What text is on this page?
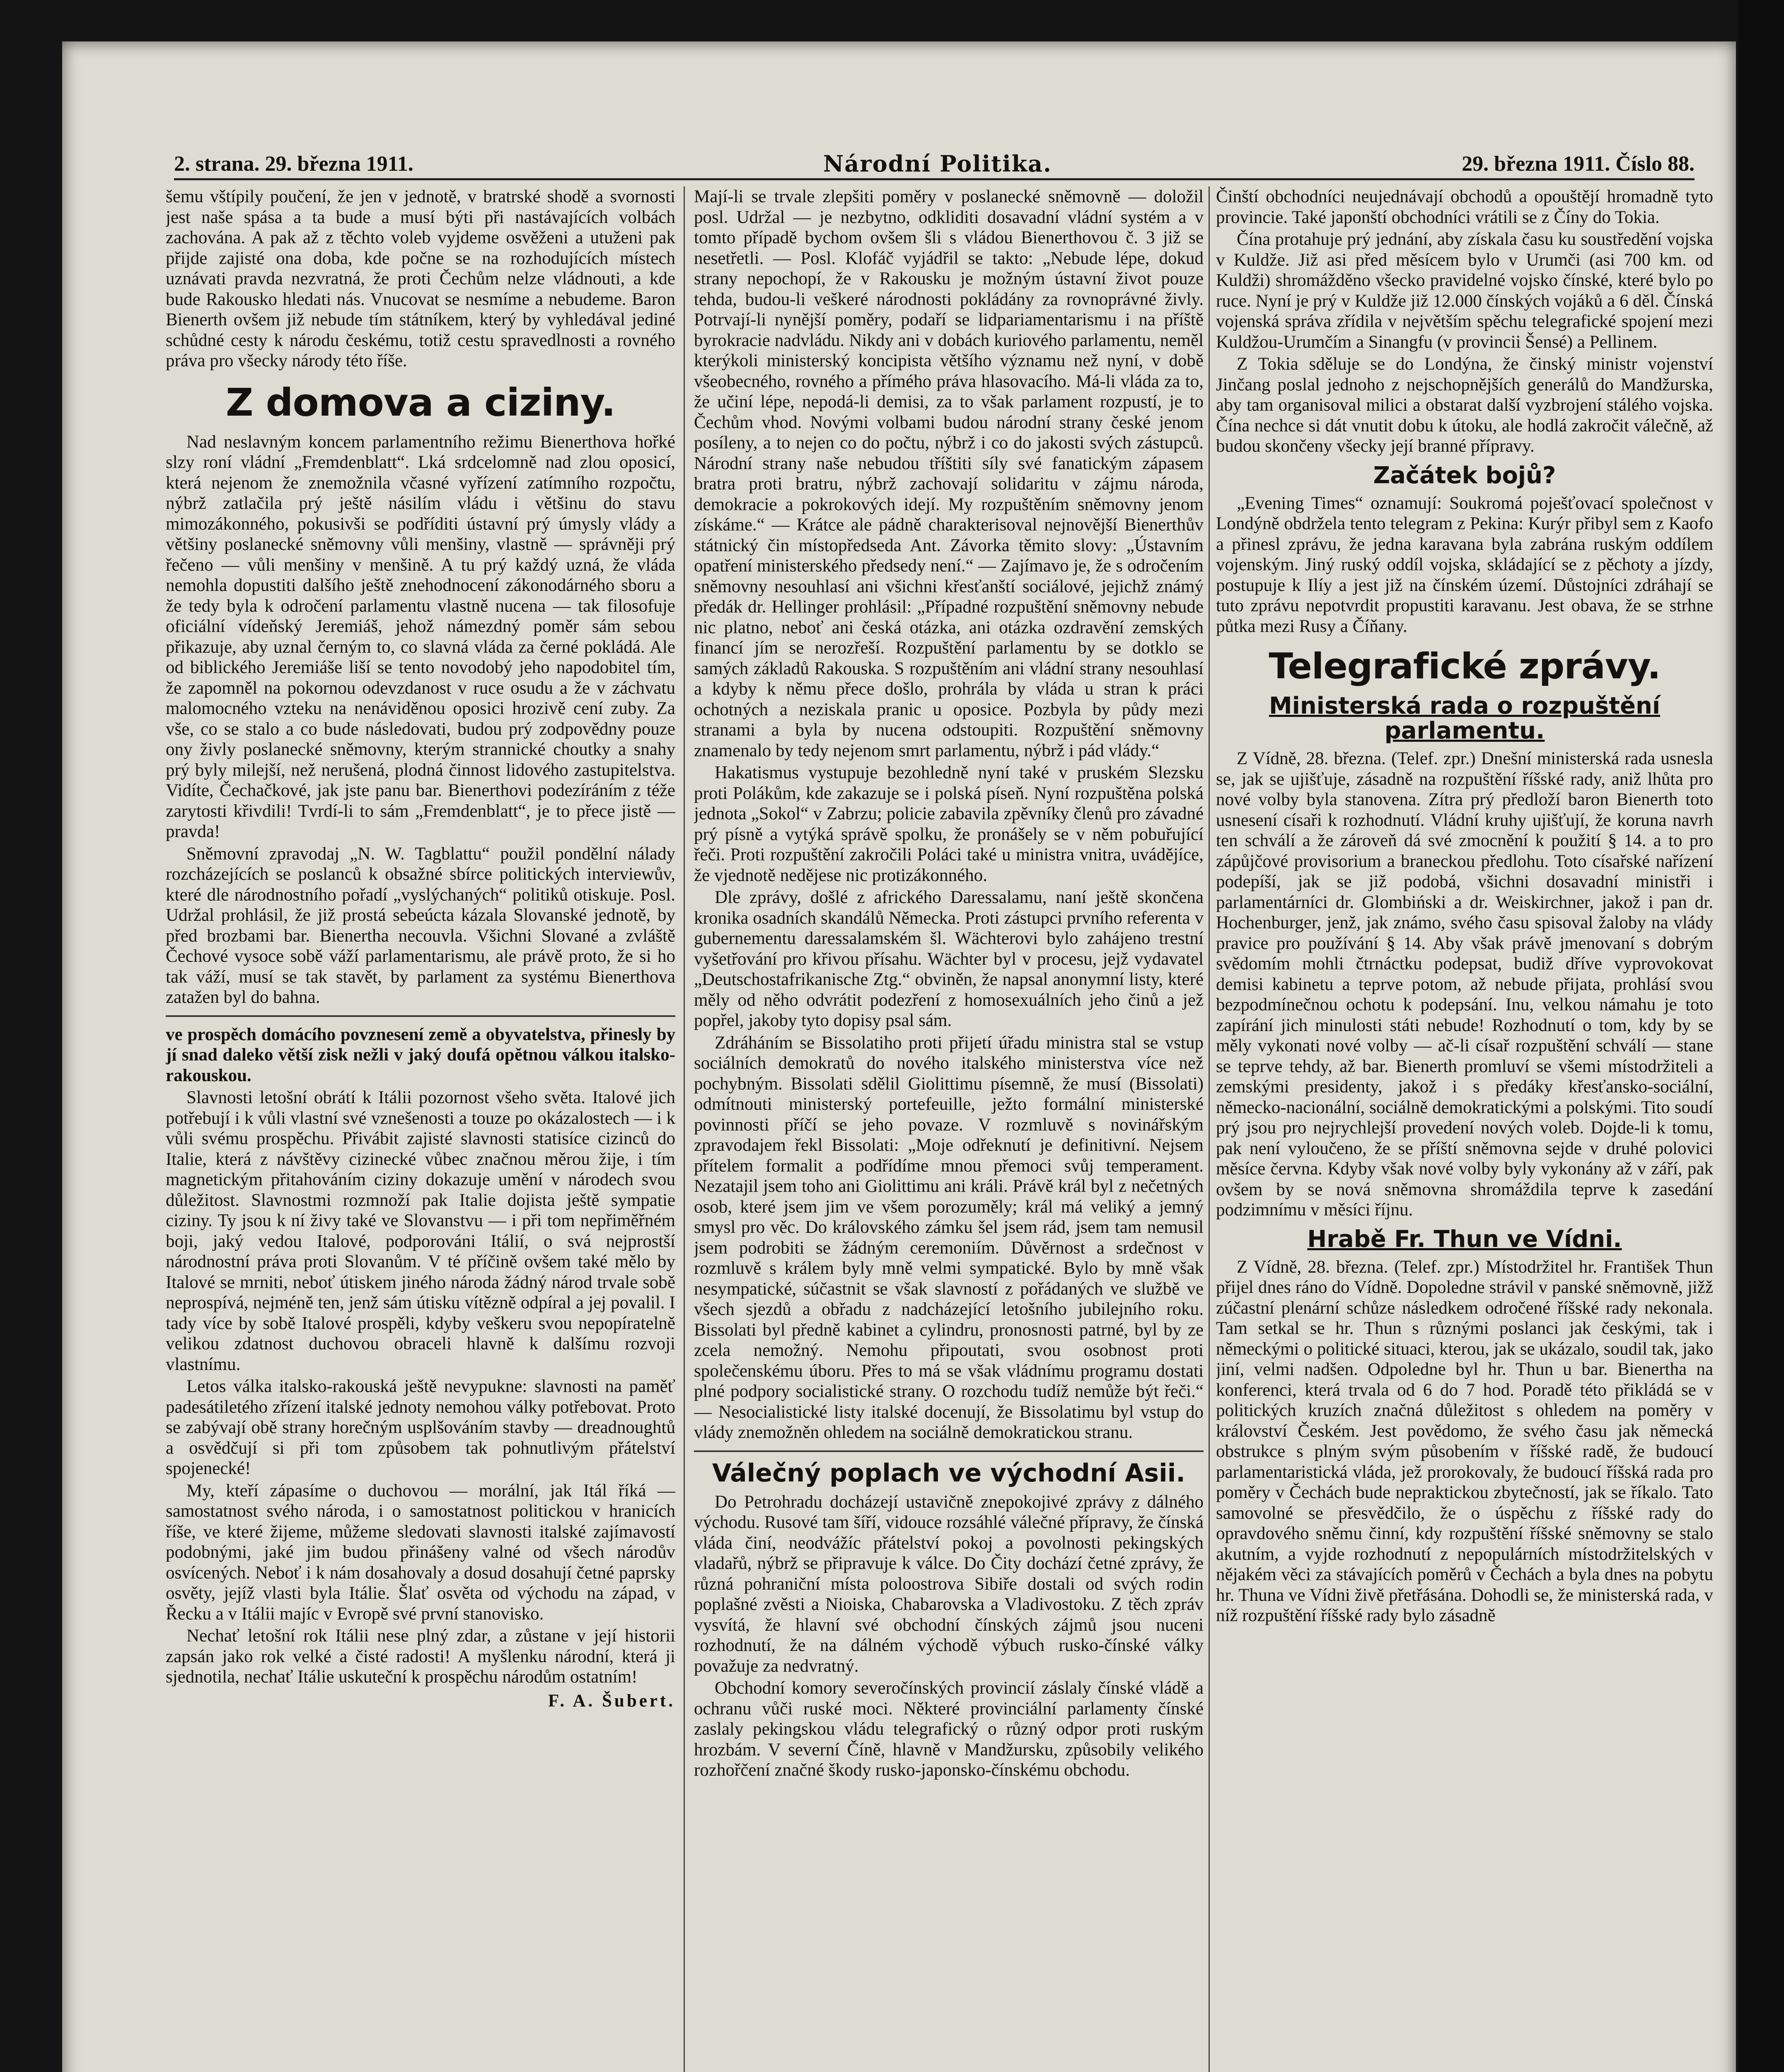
2. strana. 29. března 1911.	Národní Politika.	29. března 1911. Číslo 88.

šemu vštípily poučení, že jen v jednotě, v bratrské shodě a svornosti jest naše spása a ta bude a musí býti při nastávajících volbách zachována. A pak až z těchto voleb vyjdeme osvěženi a utuženi pak přijde zajisté ona doba, kde počne se na rozhodujících místech uznávati pravda nezvratná, že proti Čechům nelze vládnouti, a kde bude Rakousko hledati nás. Vnucovat se nesmíme a nebudeme. Baron Bienerth ovšem již nebude tím státníkem, který by vyhledával jediné schůdné cesty k národu českému, totiž cestu spravedlnosti a rovného práva pro všecky národy této říše.

Z domova a ciziny.

Nad neslavným koncem parlamentního režimu Bienerthova hořké slzy roní vládní „Fremdenblatt“. Lká srdcelomně nad zlou oposicí, která nejenom že znemožnila včasné vyřízení zatímního rozpočtu, nýbrž zatlačila prý ještě násilím vládu i většinu do stavu mimozákonného, pokusivši se podříditi ústavní prý úmysly vlády a většiny poslanecké sněmovny vůli menšiny, vlastně — správněji prý řečeno — vůli menšiny v menšině. A tu prý každý uzná, že vláda nemohla dopustiti dalšího ještě znehodnocení zákonodárného sboru a že tedy byla k odročení parlamentu vlastně nucena — tak filosofuje oficiální vídeňský Jeremiáš, jehož námezdný poměr sám sebou přikazuje, aby uznal černým to, co slavná vláda za černé pokládá. Ale od biblického Jeremiáše liší se tento novodobý jeho napodobitel tím, že zapomněl na pokornou odevzdanost v ruce osudu a že v záchvatu malomocného vzteku na nenáviděnou oposici hrozivě cení zuby. Za vše, co se stalo a co bude následovati, budou prý zodpovědny pouze ony živly poslanecké sněmovny, kterým strannické choutky a snahy prý byly milejší, než nerušená, plodná činnost lidového zastupitelstva. Vidíte, Čechačkové, jak jste panu bar. Bienerthovi podezíráním z téže zarytosti křivdili! Tvrdí-li to sám „Fremdenblatt“, je to přece jistě — pravda!

Sněmovní zpravodaj „N. W. Tagblattu“ použil pondělní nálady rozcházejících se poslanců k obsažné sbírce politických interviewův, které dle národnostního pořadí „vyslýchaných“ politiků otiskuje. Posl. Udržal prohlásil, že již prostá sebeúcta kázala Slovanské jednotě, by před brozbami bar. Bienertha necouvla. Všichni Slované a zvláště Čechové vysoce sobě váží parlamentarismu, ale právě proto, že si ho tak váží, musí se tak stavět, by parlament za systému Bienerthova zatažen byl do bahna.

ve prospěch domácího povznesení země a obyvatelstva, přinesly by jí snad daleko větší zisk nežli v jaký doufá opětnou válkou italsko-rakouskou.

Slavnosti letošní obrátí k Itálii pozornost všeho světa. Italové jich potřebují i k vůli vlastní své vznešenosti a touze po okázalostech — i k vůli svému prospěchu. Přivábit zajisté slavnosti statisíce cizinců do Italie, která z návštěvy cizinecké vůbec značnou měrou žije, i tím magnetickým přitahováním ciziny dokazuje umění v národech svou důležitost. Slavnostmi rozmnoží pak Italie dojista ještě sympatie ciziny. Ty jsou k ní živy také ve Slovanstvu — i při tom nepřiměřném boji, jaký vedou Italové, podporováni Itálií, o svá nejprostší národnostní práva proti Slovanům. V té příčině ovšem také mělo by Italové se mrniti, neboť útiskem jiného národa žádný národ trvale sobě neprospívá, nejméně ten, jenž sám útisku vítězně odpíral a jej povalil. I tady více by sobě Italové prospěli, kdyby veškeru svou nepopíratelně velikou zdatnost duchovou obraceli hlavně k dalšímu rozvoji vlastnímu.

Letos válka italsko-rakouská ještě nevypukne: slavnosti na paměť padesátiletého zřízení italské jednoty nemohou války potřebovat. Proto se zabývají obě strany horečným usplšováním stavby — dreadnoughtů a osvědčují si při tom způsobem tak pohnutlivým přátelství spojenecké!

My, kteří zápasíme o duchovou — morální, jak Itál říká — samostatnost svého národa, i o samostatnost politickou v hranicích říše, ve které žijeme, můžeme sledovati slavnosti italské zajímavostí podobnými, jaké jim budou přinášeny valné od všech národův osvícených. Neboť i k nám dosahovaly a dosud dosahují četné paprsky osvěty, jejíž vlasti byla Itálie. Šlať osvěta od východu na západ, v Řecku a v Itálii majíc v Evropě své první stanovisko.

Nechať letošní rok Itálii nese plný zdar, a zůstane v její historii zapsán jako rok velké a čisté radosti! A myšlenku národní, která ji sjednotila, nechať Itálie uskuteční k prospěchu národům ostatním!

F. A. Šubert.

Mají-li se trvale zlepšiti poměry v poslanecké sněmovně — doložil posl. Udržal — je nezbytno, odkliditi dosavadní vládní systém a v tomto případě bychom ovšem šli s vládou Bienerthovou č. 3 již se nesetřetli. — Posl. Klofáč vyjádřil se takto: „Nebude lépe, dokud strany nepochopí, že v Rakousku je možným ústavní život pouze tehda, budou-li veškeré národnosti pokládány za rovnoprávné živly. Potrvají-li nynější poměry, podaří se lidpariamentarismu i na příště byrokracie nadvládu. Nikdy ani v dobách kuriového parlamentu, neměl kterýkoli ministerský koncipista většího významu než nyní, v době všeobecného, rovného a přímého práva hlasovacího. Má-li vláda za to, že učiní lépe, nepodá-li demisi, za to však parlament rozpustí, je to Čechům vhod. Novými volbami budou národní strany české jenom posíleny, a to nejen co do počtu, nýbrž i co do jakosti svých zástupců. Národní strany naše nebudou tříštiti síly své fanatickým zápasem bratra proti bratru, nýbrž zachovají solidaritu v zájmu národa, demokracie a pokrokových idejí. My rozpuštěním sněmovny jenom získáme.“ — Krátce ale pádně charakterisoval nejnovější Bienerthův státnický čin místopředseda Ant. Závorka těmito slovy: „Ústavním opatření ministerského předsedy není.“ — Zajímavo je, že s odročením sněmovny nesouhlasí ani všichni křesťanští sociálové, jejichž známý předák dr. Hellinger prohlásil: „Případné rozpuštění sněmovny nebude nic platno, neboť ani česká otázka, ani otázka ozdravění zemských financí jím se nerozřeší. Rozpuštění parlamentu by se dotklo se samých základů Rakouska. S rozpuštěním ani vládní strany nesouhlasí a kdyby k němu přece došlo, prohrála by vláda u stran k práci ochotných a neziskala pranic u oposice. Pozbyla by půdy mezi stranami a byla by nucena odstoupiti. Rozpuštění sněmovny znamenalo by tedy nejenom smrt parlamentu, nýbrž i pád vlády.“

Hakatismus vystupuje bezohledně nyní také v pruském Slezsku proti Polákům, kde zakazuje se i polská píseň. Nyní rozpuštěna polská jednota „Sokol“ v Zabrzu; policie zabavila zpěvníky členů pro závadné prý písně a vytýká správě spolku, že pronášely se v něm pobuřující řeči. Proti rozpuštění zakročili Poláci také u ministra vnitra, uvádějíce, že vjednotě nedějese nic protizákonného.

Dle zprávy, došlé z afrického Daressalamu, naní ještě skončena kronika osadních skandálů Německa. Proti zástupci prvního referenta v gubernementu daressalamském šl. Wächterovi bylo zahájeno trestní vyšetřování pro křivou přísahu. Wächter byl v procesu, jejž vydavatel „Deutschostafrikanische Ztg.“ obviněn, že napsal anonymní listy, které měly od něho odvrátit podezření z homosexuálních jeho činů a jež popřel, jakoby tyto dopisy psal sám.

Zdráháním se Bissolatiho proti přijetí úřadu ministra stal se vstup sociálních demokratů do nového italského ministerstva více než pochybným. Bissolati sdělil Giolittimu písemně, že musí (Bissolati) odmítnouti ministerský portefeuille, ježto formální ministerské povinnosti příčí se jeho povaze. V rozmluvě s novinářským zpravodajem řekl Bissolati: „Moje odřeknutí je definitivní. Nejsem přítelem formalit a podřídíme mnou přemoci svůj temperament. Nezatajil jsem toho ani Giolittimu ani králi. Právě král byl z nečetných osob, které jsem jim ve všem porozuměly; král má veliký a jemný smysl pro věc. Do královského zámku šel jsem rád, jsem tam nemusil jsem podrobiti se žádným ceremoniím. Důvěrnost a srdečnost v rozmluvě s králem byly mně velmi sympatické. Bylo by mně však nesympatické, súčastnit se však slavností z pořádaných ve službě ve všech sjezdů a obřadu z nadcházející letošního jubilejního roku. Bissolati byl předně kabinet a cylindru, pronosnosti patrné, byl by ze zcela nemožný. Nemohu připoutati, svou osobnost proti společenskému úboru. Přes to má se však vládnímu programu dostati plné podpory socialistické strany. O rozchodu tudíž nemůže být řeči.“ — Nesocialistické listy italské docenují, že Bissolatimu byl vstup do vlády znemožněn ohledem na sociálně demokratickou stranu.

Válečný poplach ve východní Asii.

Do Petrohradu docházejí ustavičně znepokojivé zprávy z dálného východu. Rusové tam šíří, vidouce rozsáhlé válečné přípravy, že čínská vláda činí, neodvážíc přátelství pokoj a povolnosti pekingských vladařů, nýbrž se připravuje k válce. Do Čity dochází četné zprávy, že různá pohraniční místa poloostrova Sibiře dostali od svých rodin poplašné zvěsti a Nioiska, Chabarovska a Vladivostoku. Z těch zpráv vysvítá, že hlavní své obchodní čínských zájmů jsou nuceni rozhodnutí, že na dálném východě výbuch rusko-čínské války považuje za nedvratný.

Obchodní komory severočínských provincií záslaly čínské vládě a ochranu vůči ruské moci. Některé provinciální parlamenty čínské zaslaly pekingskou vládu telegrafický o různý odpor proti ruským hrozbám. V severní Číně, hlavně v Mandžursku, způsobily velikého rozhořčení značné škody rusko-japonsko-čínskému obchodu.

Činští obchodníci neujednávají obchodů a opouštějí hromadně tyto provincie. Také japonští obchodníci vrátili se z Číny do Tokia.

Čína protahuje prý jednání, aby získala času ku soustředění vojska v Kuldže. Již asi před měsícem bylo v Urumči (asi 700 km. od Kuldži) shromážděno všecko pravidelné vojsko čínské, které bylo po ruce. Nyní je prý v Kuldže již 12.000 čínských vojáků a 6 děl. Čínská vojenská správa zřídila v největším spěchu telegrafické spojení mezi Kuldžou-Urumčím a Sinangfu (v provincii Šensé) a Pellinem.

Z Tokia sděluje se do Londýna, že činský ministr vojenství Jinčang poslal jednoho z nejschopnějších generálů do Mandžurska, aby tam organisoval milici a obstarat další vyzbrojení stálého vojska. Čína nechce si dát vnutit dobu k útoku, ale hodlá zakročit válečně, až budou skončeny všecky její branné přípravy.

Začátek bojů?

„Evening Times“ oznamují: Soukromá poješťovací společnost v Londýně obdržela tento telegram z Pekina: Kurýr přibyl sem z Kaofo a přinesl zprávu, že jedna karavana byla zabrána ruským oddílem vojenským. Jiný ruský oddíl vojska, skládající se z pěchoty a jízdy, postupuje k Ilíy a jest již na čínském území. Důstojníci zdráhají se tuto zprávu nepotvrdit propustiti karavanu. Jest obava, že se strhne půtka mezi Rusy a Číňany.

Telegrafické zprávy.
Ministerská rada o rozpuštění parlamentu.

Z Vídně, 28. března. (Telef. zpr.) Dnešní ministerská rada usnesla se, jak se ujišťuje, zásadně na rozpuštění říšské rady, aniž lhůta pro nové volby byla stanovena. Zítra prý předloží baron Bienerth toto usnesení císaři k rozhodnutí. Vládní kruhy ujišťují, že koruna navrh ten schválí a že zároveň dá své zmocnění k použití § 14. a to pro zápůjčové provisorium a braneckou předlohu. Toto císařské nařízení podepíší, jak se již podobá, všichni dosavadní ministři i parlamentárníci dr. Glombiński a dr. Weiskirchner, jakož i pan dr. Hochenburger, jenž, jak známo, svého času spisoval žaloby na vlády pravice pro používání § 14. Aby však právě jmenovaní s dobrým svědomím mohli čtrnáctku podepsat, budiž dříve vyprovokovat demisi kabinetu a teprve potom, až nebude přijata, prohlásí svou bezpodmínečnou ochotu k podepsání. Inu, velkou námahu je toto zapírání jich minulosti státi nebude! Rozhodnutí o tom, kdy by se měly vykonati nové volby — ač-li císař rozpuštění schválí — stane se teprve tehdy, až bar. Bienerth promluví se všemi místodržiteli a zemskými presidenty, jakož i s předáky křesťansko-sociální, německo-nacionální, sociálně demokratickými a polskými. Tito soudí prý jsou pro nejrychlejší provedení nových voleb. Dojde-li k tomu, pak není vyloučeno, že se příští sněmovna sejde v druhé polovici měsíce června. Kdyby však nové volby byly vykonány až v září, pak ovšem by se nová sněmovna shromáždila teprve k zasedání podzimnímu v měsíci říjnu.

Hrabě Fr. Thun ve Vídni.

Z Vídně, 28. března. (Telef. zpr.) Místodržitel hr. František Thun přijel dnes ráno do Vídně. Dopoledne strávil v panské sněmovně, jižž zúčastní plenární schůze následkem odročené říšské rady nekonala. Tam setkal se hr. Thun s různými poslanci jak českými, tak i německými o politické situaci, kterou, jak se ukázalo, soudil tak, jako jiní, velmi nadšen. Odpoledne byl hr. Thun u bar. Bienertha na konferenci, která trvala od 6 do 7 hod. Poradě této přikládá se v politických kruzích značná důležitost s ohledem na poměry v království Českém. Jest povědomo, že svého času jak německá obstrukce s plným svým působením v říšské radě, že budoucí parlamentaristická vláda, jež prorokovaly, že budoucí říšská rada pro poměry v Čechách bude nepraktickou zbytečností, jak se říkalo. Tato samovolné se přesvědčilo, že o úspěchu z říšské rady do opravdového sněmu činní, kdy rozpuštění říšské sněmovny se stalo akutním, a vyjde rozhodnutí z nepopulárních místodržitelských v nějakém věci za stávajících poměrů v Čechách a byla dnes na pobytu hr. Thuna ve Vídni živě přetřásána. Dohodli se, že ministerská rada, v níž rozpuštění říšské rady bylo zásadně
